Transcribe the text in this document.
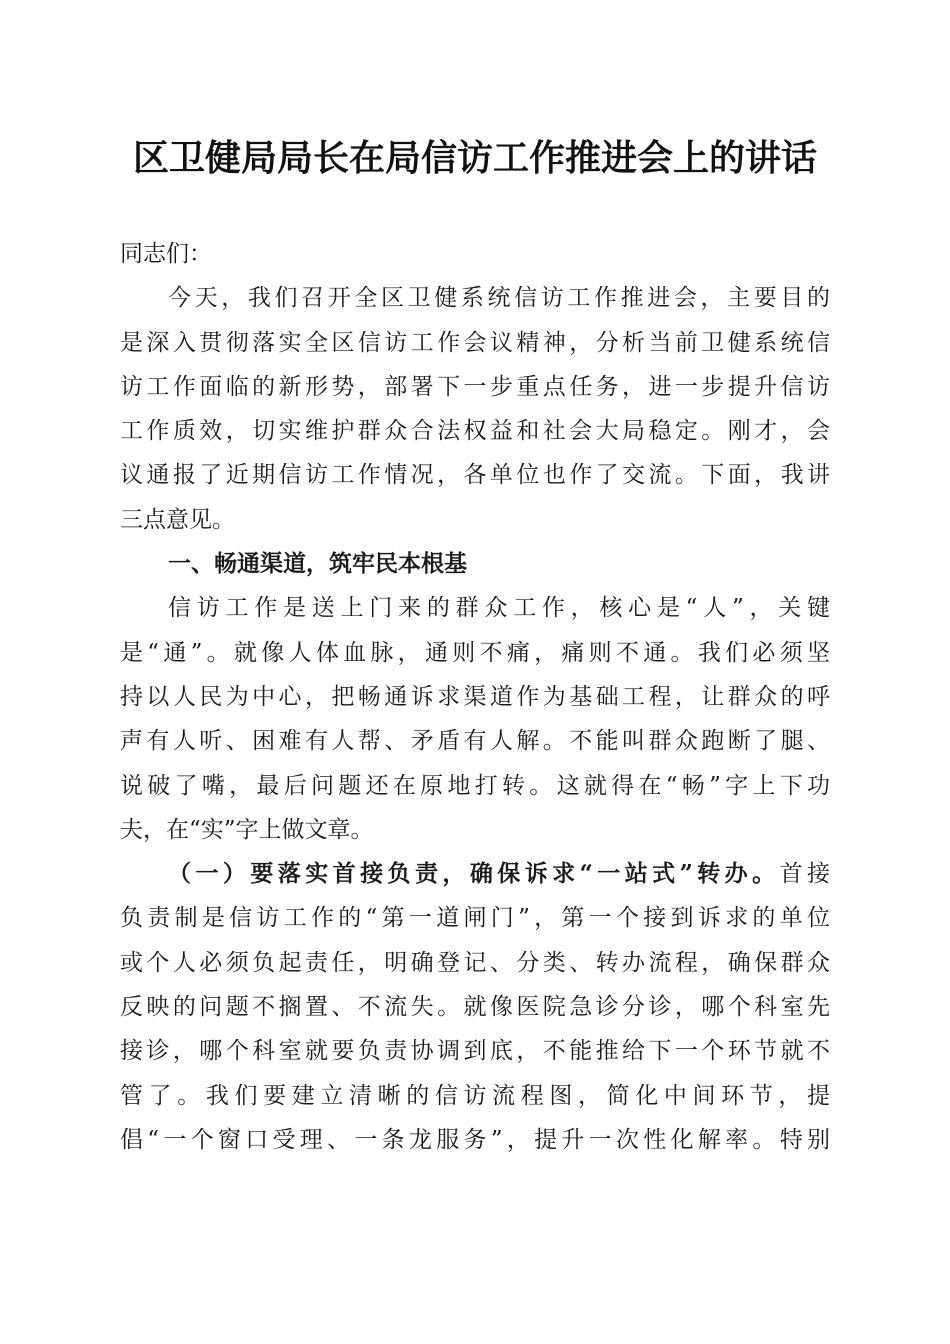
区卫健局局长在局信访工作推进会上的讲话
同志们：
今天，我们召开全区卫健系统信访工作推进会，主要目的
是深入贯彻落实全区信访工作会议精神，分析当前卫健系统信
访工作面临的新形势，部署下一步重点任务，进一步提升信访
工作质效，切实维护群众合法权益和社会大局稳定。刚才，会
议通报了近期信访工作情况，各单位也作了交流。下面，我讲
三点意见。
一、畅通渠道，筑牢民本根基
信访工作是送上门来的群众工作，核心是“人”，关键
是“通”。就像人体血脉，通则不痛，痛则不通。我们必须坚
持以人民为中心，把畅通诉求渠道作为基础工程，让群众的呼
声有人听、困难有人帮、矛盾有人解。不能叫群众跑断了腿、
说破了嘴，最后问题还在原地打转。这就得在“畅”字上下功
夫，在“实”字上做文章。
（一）要落实首接负责，确保诉求“一站式”转办。首接
负责制是信访工作的“第一道闸门”，第一个接到诉求的单位
或个人必须负起责任，明确登记、分类、转办流程，确保群众
反映的问题不搁置、不流失。就像医院急诊分诊，哪个科室先
接诊，哪个科室就要负责协调到底，不能推给下一个环节就不
管了。我们要建立清晰的信访流程图，简化中间环节，提
倡“一个窗口受理、一条龙服务”，提升一次性化解率。特别
